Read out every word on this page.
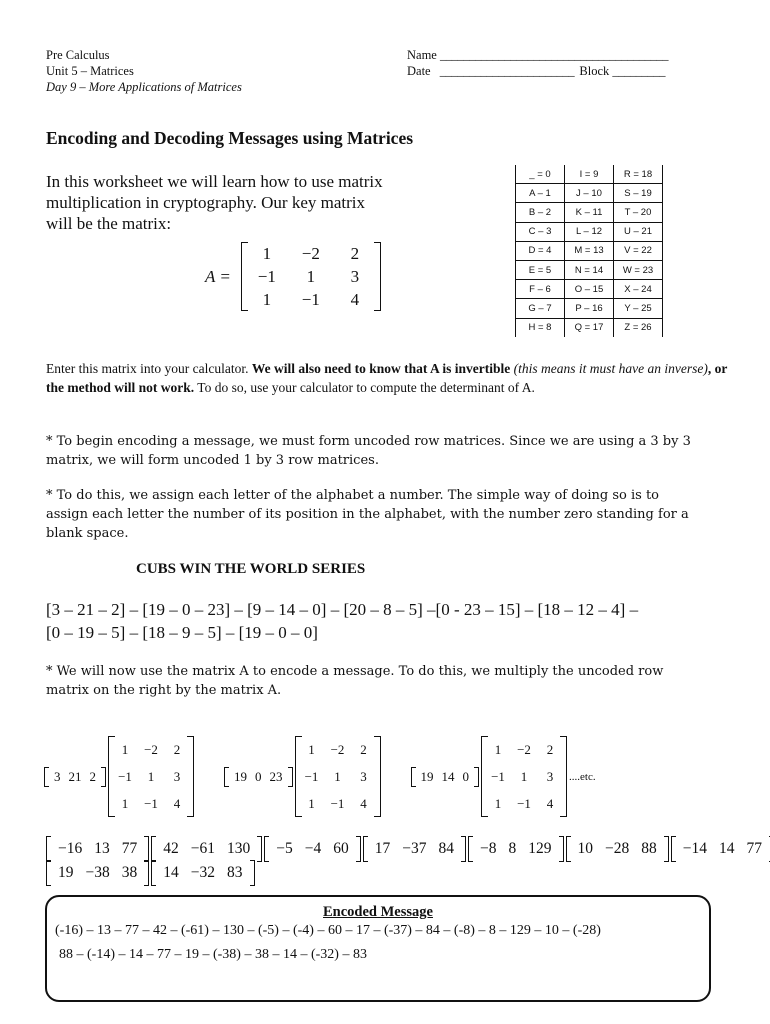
Pre Calculus
Unit 5 – Matrices
Day 9 – More Applications of Matrices
Name _______________________________________
Date _______________________ Block _________
Encoding and Decoding Messages using Matrices
In this worksheet we will learn how to use matrix
multiplication in cryptography. Our key matrix
will be the matrix:
A =
1	−2	2
−1	1	3
1	−1	4
_ = 0	I = 9	R = 18
A – 1	J – 10	S – 19
B – 2	K – 11	T – 20
C – 3	L – 12	U – 21
D = 4	M = 13	V = 22
E = 5	N = 14	W = 23
F – 6	O – 15	X – 24
G – 7	P – 16	Y – 25
H = 8	Q = 17	Z = 26
Enter this matrix into your calculator. We will also need to know that A is invertible (this means it must have an inverse), or the method will not work. To do so, use your calculator to compute the determinant of A.
* To begin encoding a message, we must form uncoded row matrices. Since we are using a 3 by 3
matrix, we will form uncoded 1 by 3 row matrices.
* To do this, we assign each letter of the alphabet a number. The simple way of doing so is to
assign each letter the number of its position in the alphabet, with the number zero standing for a
blank space.
CUBS WIN THE WORLD SERIES
[3 – 21 – 2] – [19 – 0 – 23] – [9 – 14 – 0] – [20 – 8 – 5] –[0 - 23 – 15] – [18 – 12 – 4] –
[0 – 19 – 5] – [18 – 9 – 5] – [19 – 0 – 0]
* We will now use the matrix A to encode a message. To do this, we multiply the uncoded row
matrix on the right by the matrix A.
3 21 2
1	−2	2
−1	1	3
1	−1	4
19 0 23
1	−2	2
−1	1	3
1	−1	4
19 14 0
1	−2	2
−1	1	3
1	−1	4
....etc.
−16 13 77 42 −61 130 −5 −4 60 17 −37 84 −8 8 129 10 −28 88 −14 14 77
19 −38 38 14 −32 83
Encoded Message
(-16) – 13 – 77 – 42 – (-61) – 130 – (-5) – (-4) – 60 – 17 – (-37) – 84 – (-8) – 8 – 129 – 10 – (-28)
88 – (-14) – 14 – 77 – 19 – (-38) – 38 – 14 – (-32) – 83
